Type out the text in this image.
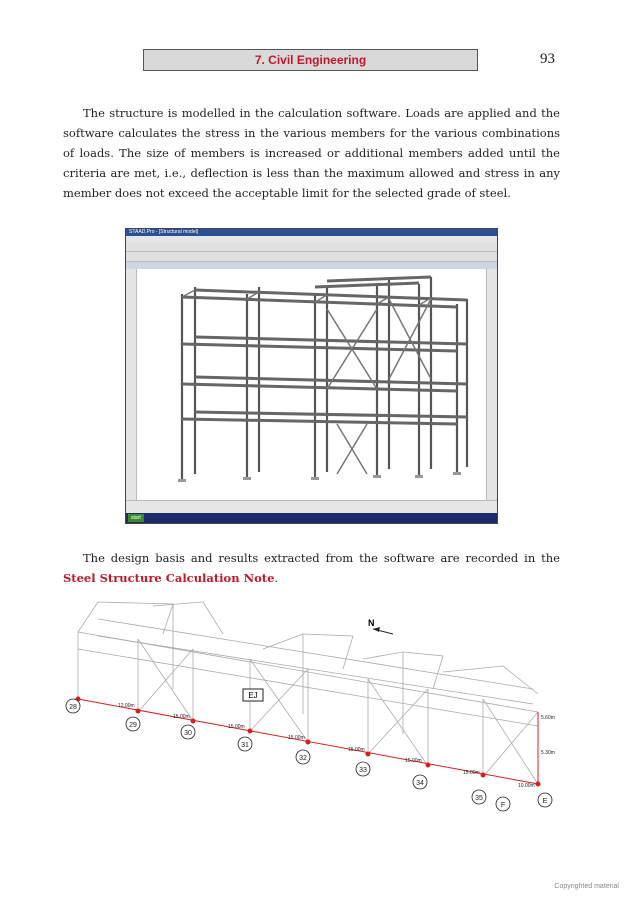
7. Civil Engineering	93

The structure is modelled in the calculation software. Loads are applied and the software calculates the stress in the various members for the various combinations of loads. The size of members is increased or additional members added until the criteria are met, i.e., deflection is less than the maximum allowed and stress in any member does not exceed the acceptable limit for the selected grade of steel.

STAAD.Pro - [Structural model]
start

The design basis and results extracted from the software are recorded in the Steel Structure Calculation Note.

N
EJ
28
29
30
31
32
33
34
35
F
E
12.00m
15.00m
15.00m
15.00m
15.00m
15.00m
15.00m
10.00m
5.60m
5.30m
Copyrighted material
